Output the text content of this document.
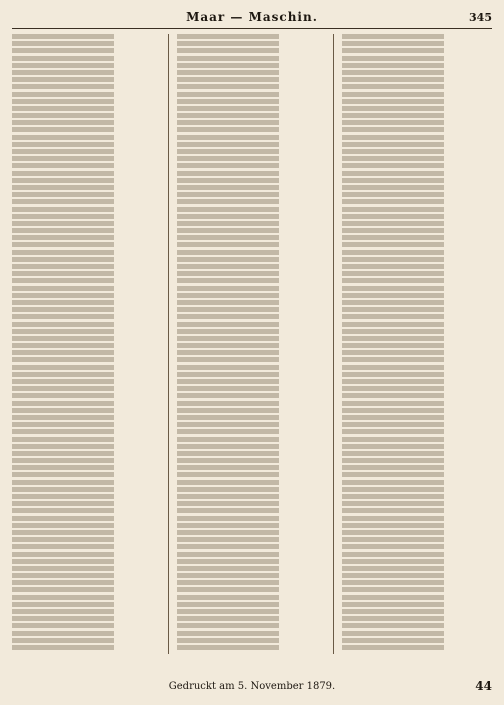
Maar — Maschin.	345
Gedruckt am 5. November 1879.	44
